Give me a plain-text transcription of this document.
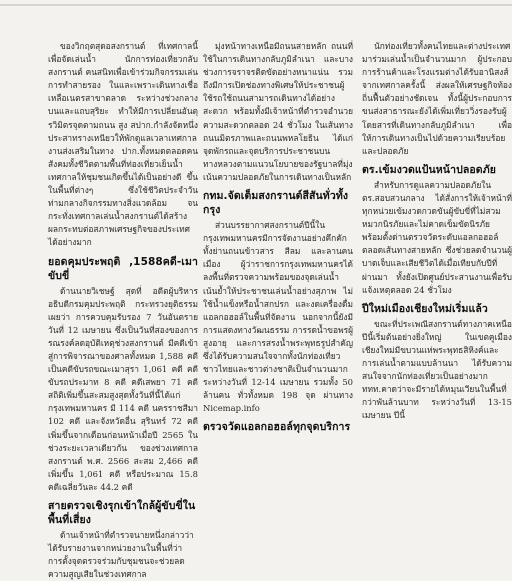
ของวิกฤตสุดอสงกรานต์ ที่เทศกาลนี้เพื่อจัดเล่นน้ำ นักการท่องเที่ยวกลับสงกรานต์ คนสนิทเพื่อเข้าร่วมกิจกรรมเล่นการทำสายรอง ในและเพราะเดินทางเชื่อเหลือเนตรสาขาตลาด ระหว่างช่วงกลางบนและแถบสุริยะ ทำให้มีการเปลี่ยนอันตุรวิมิตรจุดตามถนน สูง สปาก.กำลังจัดหนึ่งประสาทรางเหนียวให้พักดูแลเวลาเทศกาลงานส่งเสริมในทาง ปาก.ทั้งหมดตลอดคนสังคมทั้งชีวิตตามพื้นที่ท่องเที่ยวเย็นน้ำเทศกาลให้ชุมชนเกิดขึ้นได้เป็นอย่างดี ขึ้นในพื้นที่ต่างๆ ซึ่งใช้ชีวิตประจำวัน ท่ามกลางกิจกรรมทางสิ่งแวดล้อม จนกระทั่งเทศกาลเล่นน้ำสงกรานต์ได้สร้างผลกระทบต่อสภาพเศรษฐกิจของประเทศได้อย่างมาก

ยอดคุมประพฤติ ,1588คดี-เมาขับขี่

ด้านนายวิเชษฐ์ สุดที่ อดีตผู้บริหารอธิบดีกรมคุมประพฤติ กระทรวงยุติธรรม เผยว่า การควบคุมรับรอง 7 วันอันตราย วันที่ 12 เมษายน ซึ่งเป็นวันที่สองของการรณรงค์ลดอุบัติเหตุช่วงสงกรานต์ มีคดีเข้าสู่การพิจารณาของศาลทั้งหมด 1,588 คดี เป็นคดีขับรถขณะเมาสุรา 1,061 คดี คดีขับรถประมาท 8 คดี คดีเสพยา 71 คดี สถิติเพิ่มขึ้นสะสมสูงสุดทั้งวันที่นี้ได้แก่ กรุงเทพมหานคร มี 114 คดี นครราชสีมา 102 คดี และจังหวัดอื่น สุรินทร์ 72 คดี เพิ่มขึ้นจากเดือนก่อนหน้าเมื่อปี 2565 ในช่วงระยะเวลาเดียวกัน ของช่วงเทศกาลสงกรานต์ พ.ศ. 2566 สะสม 2,466 คดี เพิ่มขึ้น 1,061 คดี หรือประมาณ 15.8 คดีเฉลี่ยวันละ 44.2 คดี

สายตรวจเชิงรุกเข้าใกล้ผู้ขับขี่ในพื้นที่เสี่ยง

ด้านเจ้าหน้าที่ตำรวจนายหนึ่งกล่าวว่า ได้รับรายงานจากหน่วยงานในพื้นที่ว่า การตั้งจุดตรวจร่วมกับชุมชนจะช่วยลดความสูญเสียในช่วงเทศกาล

มุ่งหน้าทางเหนือมีถนนสายหลัก ถนนที่ใช้ในการเดินทางกลับภูมิลำเนา และบางช่วงการจราจรติดขัดอย่างหนาแน่น รวมถึงมีการเปิดช่องทางพิเศษให้ประชาชนผู้ใช้รถใช้ถนนสามารถเดินทางได้อย่างสะดวก พร้อมทั้งมีเจ้าหน้าที่ตำรวจอำนวยความสะดวกตลอด 24 ชั่วโมง ในเส้นทางถนนมิตรภาพและถนนพหลโยธิน ได้แก่ จุดพักรถและจุดบริการประชาชนบนทางหลวงตามแนวนโยบายของรัฐบาลที่มุ่งเน้นความปลอดภัยในการเดินทางเป็นหลัก

กทม.จัดเต็มสงกรานต์สีสันทั่วทั้งกรุง

ส่วนบรรยากาศสงกรานต์ปีนี้ในกรุงเทพมหานครมีการจัดงานอย่างคึกคักทั้งย่านถนนข้าวสาร สีลม และลานคนเมือง ผู้ว่าราชการกรุงเทพมหานครได้ลงพื้นที่ตรวจความพร้อมของจุดเล่นน้ำ เน้นย้ำให้ประชาชนเล่นน้ำอย่างสุภาพ ไม่ใช้น้ำแข็งหรือน้ำสกปรก และงดเครื่องดื่มแอลกอฮอล์ในพื้นที่จัดงาน นอกจากนี้ยังมีการแสดงทางวัฒนธรรม การรดน้ำขอพรผู้สูงอายุ และการสรงน้ำพระพุทธรูปสำคัญ ซึ่งได้รับความสนใจจากทั้งนักท่องเที่ยวชาวไทยและชาวต่างชาติเป็นจำนวนมาก ระหว่างวันที่ 12-14 เมษายน รวมทั้ง 50 ล้านคน ทั่วทั้งหมด 198 จุด ผ่านทาง Nicemap.info

ตรวจวัดแอลกอฮอล์ทุกจุดบริการ

นักท่องเที่ยวทั้งคนไทยและต่างประเทศมาร่วมเล่นน้ำเป็นจำนวนมาก ผู้ประกอบการร้านค้าและโรงแรมต่างได้รับอานิสงส์จากเทศกาลครั้งนี้ ส่งผลให้เศรษฐกิจท้องถิ่นฟื้นตัวอย่างชัดเจน ทั้งนี้ผู้ประกอบการขนส่งสาธารณะยังได้เพิ่มเที่ยววิ่งรองรับผู้โดยสารที่เดินทางกลับภูมิลำเนา เพื่อให้การเดินทางเป็นไปด้วยความเรียบร้อยและปลอดภัย

ตร.เข้มงวดแป้นหน้าปลอดภัย

สำหรับการดูแลความปลอดภัยใน ตร.สอบสวนกลาง ได้สั่งการให้เจ้าหน้าที่ทุกหน่วยเข้มงวดกวดขันผู้ขับขี่ที่ไม่สวมหมวกนิรภัยและไม่คาดเข็มขัดนิรภัย พร้อมตั้งด่านตรวจวัดระดับแอลกอฮอล์ตลอดเส้นทางสายหลัก ซึ่งช่วยลดจำนวนผู้บาดเจ็บและเสียชีวิตได้เมื่อเทียบกับปีที่ผ่านมา ทั้งยังเปิดศูนย์ประสานงานเพื่อรับแจ้งเหตุตลอด 24 ชั่วโมง

ปีใหม่เมืองเชียงใหม่เริ่มแล้ว

ขณะที่ประเพณีสงกรานต์ทางภาคเหนือปีนี้เริ่มต้นอย่างยิ่งใหญ่ ในเขตคูเมืองเชียงใหม่มีขบวนแห่พระพุทธสิหิงค์และการเล่นน้ำตามแบบล้านนา ได้รับความสนใจจากนักท่องเที่ยวเป็นอย่างมาก ททท.คาดว่าจะมีรายได้หมุนเวียนในพื้นที่กว่าพันล้านบาท ระหว่างวันที่ 13-15 เมษายน ปีนี้
